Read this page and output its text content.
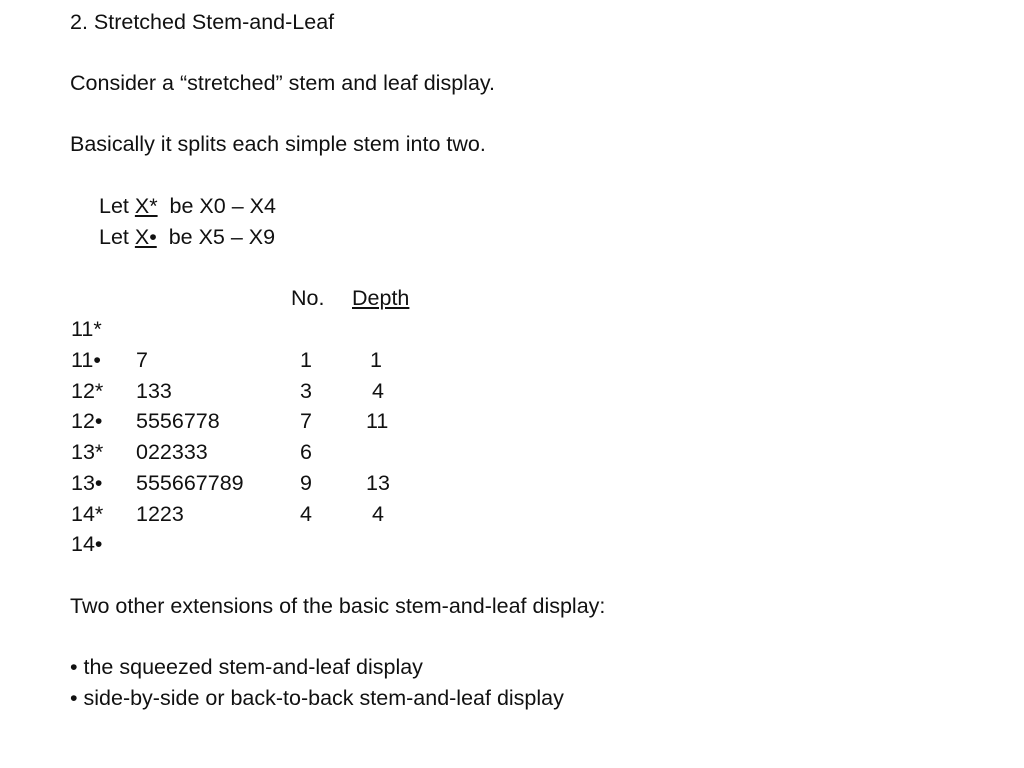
2. Stretched Stem-and-Leaf
Consider a “stretched” stem and leaf display.
Basically it splits each simple stem into two.
Let X*  be X0 – X4
Let X•  be X5 – X9
No. Depth
11*
11• 7	1	1
12* 133	3	4
12• 5556778	7	11
13* 022333	6
13• 555667789	9	13
14* 1223	4	4
14•
Two other extensions of the basic stem-and-leaf display:
• the squeezed stem-and-leaf display
• side-by-side or back-to-back stem-and-leaf display
